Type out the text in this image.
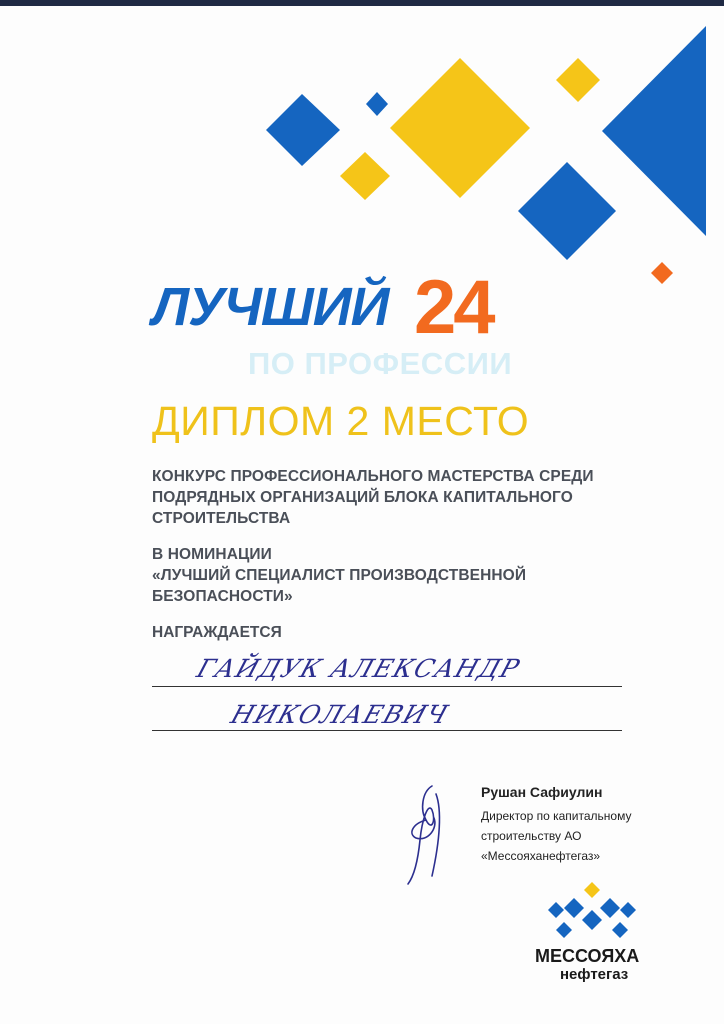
ЛУЧШИЙ 24
ПО ПРОФЕССИИ
ДИПЛОМ 2 МЕСТО
КОНКУРС ПРОФЕССИОНАЛЬНОГО МАСТЕРСТВА СРЕДИ ПОДРЯДНЫХ ОРГАНИЗАЦИЙ БЛОКА КАПИТАЛЬНОГО СТРОИТЕЛЬСТВА
В НОМИНАЦИИ
«ЛУЧШИЙ СПЕЦИАЛИСТ ПРОИЗВОДСТВЕННОЙ БЕЗОПАСНОСТИ»
НАГРАЖДАЕТСЯ
ГАЙДУК АЛЕКСАНДР
НИКОЛАЕВИЧ
Рушан Сафиулин
Директор по капитальному строительству АО «Мессояханефтегаз»
МЕССОЯХА
нефтегаз
